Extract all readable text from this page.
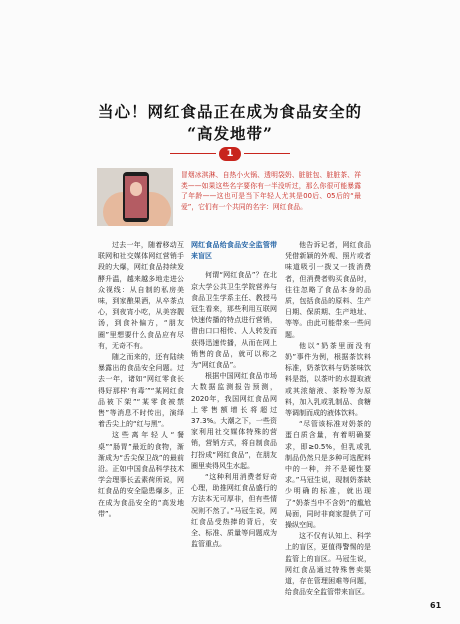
当心！网红食品正在成为食品安全的
“高发地带”
1
冒烟冰淇淋、自热小火锅、透明袋奶、脏脏包、脏脏茶、祥类——如果这些名字要你有一半没听过，那么你很可能暴露了年龄——这也可是当下年轻人尤其是00后、05后的“最爱”，它们有一个共同的名字：网红食品。

过去一年，随着移动互联网和社交媒体网红营销手段的大爆，网红食品持续发酵升温，越来越多地走进公众视线：从自制的私房美味，到家酿果酒，从卒茶点心，到夜宵小吃，从美容靓汤，到食补偏方，“朋友圈”里想要什么食品应有尽有，无奇不有。

随之而来的，还有陆续暴露出的食品安全问题。过去一年，诸如“网红零食长得好那样‘有毒’”“某网红食品被下架”“某零食被禁售”等消息不时传出，演绎着舌尖上的“红与黑”。

这些离年轻人“餐桌”“肠胃”最近的食物，渐渐成为“舌尖保卫战”的最前沿。正如中国食品科学技术学会理事长孟素荷所说，网红食品的安全隐患爆多，正在成为食品安全的“高发地带”。

网红食品给食品安全监管带来盲区

何谓“网红食品”？在北京大学公共卫生学院营养与食品卫生学系主任、教授马冠生看来，那些利用互联网快速传播的特点进行营销，借由口口相传、人人转发而获得迅速传播，从而在网上销售的食品，就可以称之为“网红食品”。

根据中国网红食品市场大数据监测报告预测，2020年，我国网红食品网上零售额增长将超过37.3%。大潮之下，一些资家利用社交媒体特殊的营销，营销方式，将自制食品打扮成“网红食品”，在朋友圈里卖得风生水起。

“这种利用消费者好奇心理，助推网红食品盛行的方法本无可厚非，但有些情况则不然了。”马冠生说，网红食品受热捧的背后，安全、标准、质量等问题成为监管重点。

他告诉记者，网红食品凭借新颖的外观、照片或者味道吸引一拨又一拨消费者，但消费者购买食品时，往往忽略了食品本身的品质，包括食品的原料、生产日期、保质期、生产地址、等等。由此可能带来一些问题。

他以“奶茶里面没有奶”事件为例，根据茶饮料标准，奶茶饮料与奶茶味饮料是指，以茶叶的水提取液或其浓缩液、茶粉等为原料，加入乳或乳制品、食糖等调制而成的液体饮料。

“尽管该标准对奶茶的蛋白质含量，有着明确要求，即≥0.5%，但乳或乳制品仍然只是多种可选配料中的一种，并不是硬性要求。”马冠生说，现制奶茶缺少明确的标准，就出现了“奶茶当中不含奶”的尴尬局面，同时非商家提供了可操纵空间。

这不仅有认知上、科学上的盲区，更值得警惕的是监管上的盲区。马冠生说，网红食品通过特殊售卖渠道，存在管理困难等问题，给食品安全监管带来盲区。

61
